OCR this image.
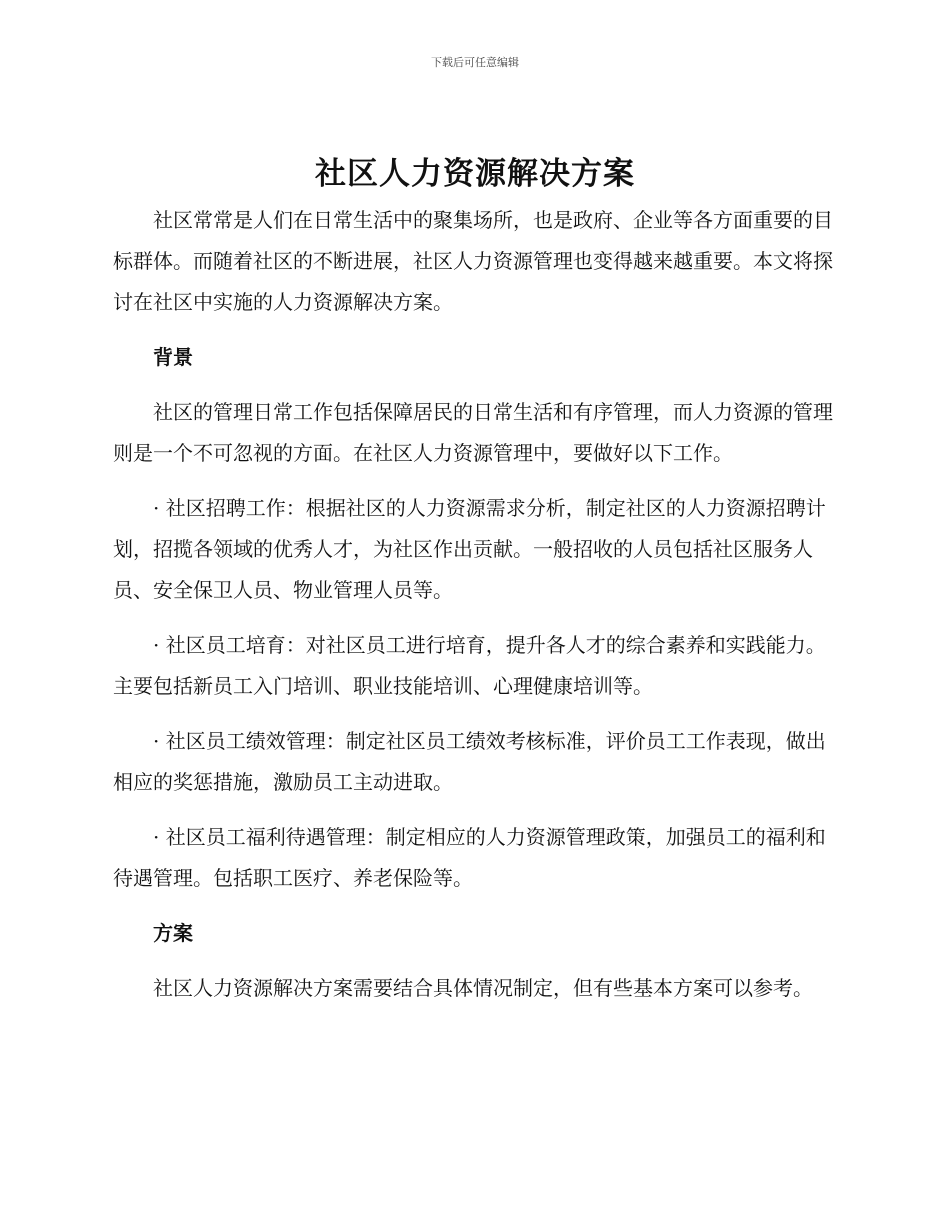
下载后可任意编辑
社区人力资源解决方案

社区常常是人们在日常生活中的聚集场所，也是政府、企业等各方面重要的目标群体。而随着社区的不断进展，社区人力资源管理也变得越来越重要。本文将探讨在社区中实施的人力资源解决方案。

背景

社区的管理日常工作包括保障居民的日常生活和有序管理，而人力资源的管理则是一个不可忽视的方面。在社区人力资源管理中，要做好以下工作。

· 社区招聘工作：根据社区的人力资源需求分析，制定社区的人力资源招聘计划，招揽各领域的优秀人才，为社区作出贡献。一般招收的人员包括社区服务人员、安全保卫人员、物业管理人员等。

· 社区员工培育：对社区员工进行培育，提升各人才的综合素养和实践能力。主要包括新员工入门培训、职业技能培训、心理健康培训等。

· 社区员工绩效管理：制定社区员工绩效考核标准，评价员工工作表现，做出相应的奖惩措施，激励员工主动进取。

· 社区员工福利待遇管理：制定相应的人力资源管理政策，加强员工的福利和待遇管理。包括职工医疗、养老保险等。

方案

社区人力资源解决方案需要结合具体情况制定，但有些基本方案可以参考。
